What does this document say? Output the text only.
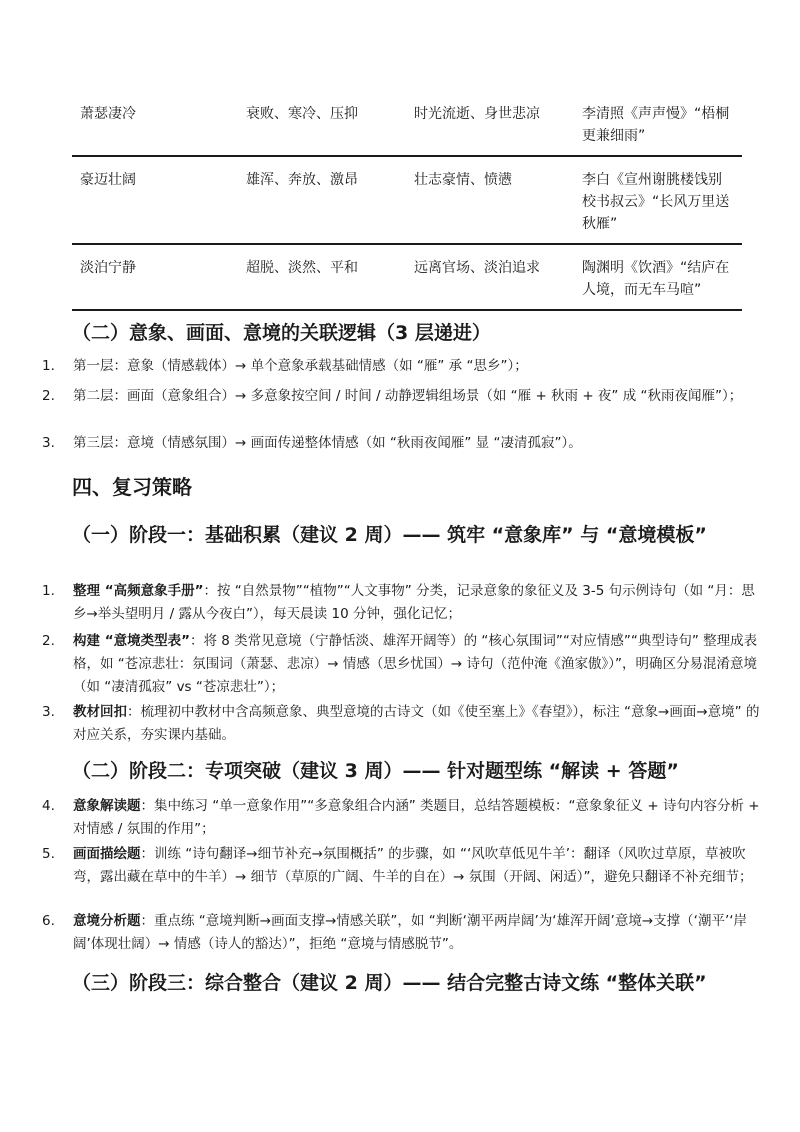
萧瑟凄冷	衰败、寒冷、压抑	时光流逝、身世悲凉	李清照《声声慢》“梧桐更兼细雨”
豪迈壮阔	雄浑、奔放、激昂	壮志豪情、愤懑	李白《宣州谢朓楼饯别校书叔云》“长风万里送秋雁”
淡泊宁静	超脱、淡然、平和	远离官场、淡泊追求	陶渊明《饮酒》“结庐在人境，而无车马喧”
（二）意象、画面、意境的关联逻辑（3 层递进）
1.	第一层：意象（情感载体）→ 单个意象承载基础情感（如 “雁” 承 “思乡”）；
2.	第二层：画面（意象组合）→ 多意象按空间 / 时间 / 动静逻辑组场景（如 “雁 + 秋雨 + 夜” 成 “秋雨夜闻雁”）；
3.	第三层：意境（情感氛围）→ 画面传递整体情感（如 “秋雨夜闻雁” 显 “凄清孤寂”）。
四、复习策略
（一）阶段一：基础积累（建议 2 周）—— 筑牢 “意象库” 与 “意境模板”
1.	整理 “高频意象手册”：按 “自然景物”“植物”“人文事物” 分类，记录意象的象征义及 3-5 句示例诗句（如 “月：思乡→举头望明月 / 露从今夜白”），每天晨读 10 分钟，强化记忆；
2.	构建 “意境类型表”：将 8 类常见意境（宁静恬淡、雄浑开阔等）的 “核心氛围词”“对应情感”“典型诗句” 整理成表格，如 “苍凉悲壮：氛围词（萧瑟、悲凉）→ 情感（思乡忧国）→ 诗句（范仲淹《渔家傲》）”，明确区分易混淆意境（如 “凄清孤寂” vs “苍凉悲壮”）；
3.	教材回扣：梳理初中教材中含高频意象、典型意境的古诗文（如《使至塞上》《春望》），标注 “意象→画面→意境” 的对应关系，夯实课内基础。
（二）阶段二：专项突破（建议 3 周）—— 针对题型练 “解读 + 答题”
4.	意象解读题：集中练习 “单一意象作用”“多意象组合内涵” 类题目，总结答题模板：“意象象征义 + 诗句内容分析 + 对情感 / 氛围的作用”；
5.	画面描绘题：训练 “诗句翻译→细节补充→氛围概括” 的步骤，如 “‘风吹草低见牛羊’：翻译（风吹过草原，草被吹弯，露出藏在草中的牛羊）→ 细节（草原的广阔、牛羊的自在）→ 氛围（开阔、闲适）”，避免只翻译不补充细节；
6.	意境分析题：重点练 “意境判断→画面支撑→情感关联”，如 “判断‘潮平两岸阔’为‘雄浑开阔’意境→支撑（‘潮平’‘岸阔’体现壮阔）→ 情感（诗人的豁达）”，拒绝 “意境与情感脱节”。
（三）阶段三：综合整合（建议 2 周）—— 结合完整古诗文练 “整体关联”
